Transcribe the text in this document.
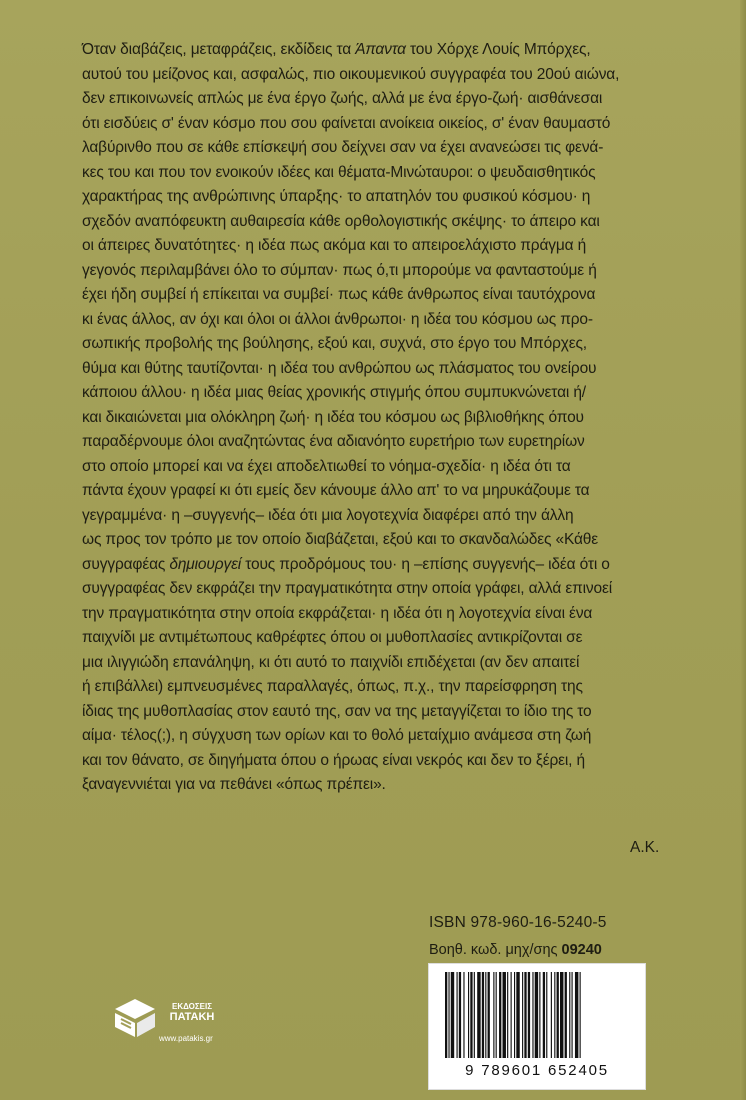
Όταν διαβάζεις, μεταφράζεις, εκδίδεις τα Άπαντα του Χόρχε Λουίς Μπόρχες,
αυτού του μείζονος και, ασφαλώς, πιο οικουμενικού συγγραφέα του 20ού αιώνα,
δεν επικοινωνείς απλώς με ένα έργο ζωής, αλλά με ένα έργο-ζωή· αισθάνεσαι
ότι εισδύεις σ' έναν κόσμο που σου φαίνεται ανοίκεια οικείος, σ' έναν θαυμαστό
λαβύρινθο που σε κάθε επίσκεψή σου δείχνει σαν να έχει ανανεώσει τις φενά-
κες του και που τον ενοικούν ιδέες και θέματα-Μινώταυροι: ο ψευδαισθητικός
χαρακτήρας της ανθρώπινης ύπαρξης· το απατηλόν του φυσικού κόσμου· η
σχεδόν αναπόφευκτη αυθαιρεσία κάθε ορθολογιστικής σκέψης· το άπειρο και
οι άπειρες δυνατότητες· η ιδέα πως ακόμα και το απειροελάχιστο πράγμα ή
γεγονός περιλαμβάνει όλο το σύμπαν· πως ό,τι μπορούμε να φανταστούμε ή
έχει ήδη συμβεί ή επίκειται να συμβεί· πως κάθε άνθρωπος είναι ταυτόχρονα
κι ένας άλλος, αν όχι και όλοι οι άλλοι άνθρωποι· η ιδέα του κόσμου ως προ-
σωπικής προβολής της βούλησης, εξού και, συχνά, στο έργο του Μπόρχες,
θύμα και θύτης ταυτίζονται· η ιδέα του ανθρώπου ως πλάσματος του ονείρου
κάποιου άλλου· η ιδέα μιας θείας χρονικής στιγμής όπου συμπυκνώνεται ή/
και δικαιώνεται μια ολόκληρη ζωή· η ιδέα του κόσμου ως βιβλιοθήκης όπου
παραδέρνουμε όλοι αναζητώντας ένα αδιανόητο ευρετήριο των ευρετηρίων
στο οποίο μπορεί και να έχει αποδελτιωθεί το νόημα-σχεδία· η ιδέα ότι τα
πάντα έχουν γραφεί κι ότι εμείς δεν κάνουμε άλλο απ' το να μηρυκάζουμε τα
γεγραμμένα· η –συγγενής– ιδέα ότι μια λογοτεχνία διαφέρει από την άλλη
ως προς τον τρόπο με τον οποίο διαβάζεται, εξού και το σκανδαλώδες «Κάθε
συγγραφέας δημιουργεί τους προδρόμους του· η –επίσης συγγενής– ιδέα ότι ο
συγγραφέας δεν εκφράζει την πραγματικότητα στην οποία γράφει, αλλά επινοεί
την πραγματικότητα στην οποία εκφράζεται· η ιδέα ότι η λογοτεχνία είναι ένα
παιχνίδι με αντιμέτωπους καθρέφτες όπου οι μυθοπλασίες αντικρίζονται σε
μια ιλιγγιώδη επανάληψη, κι ότι αυτό το παιχνίδι επιδέχεται (αν δεν απαιτεί
ή επιβάλλει) εμπνευσμένες παραλλαγές, όπως, π.χ., την παρείσφρηση της
ίδιας της μυθοπλασίας στον εαυτό της, σαν να της μεταγγίζεται το ίδιο της το
αίμα· τέλος(;), η σύγχυση των ορίων και το θολό μεταίχμιο ανάμεσα στη ζωή
και τον θάνατο, σε διηγήματα όπου ο ήρωας είναι νεκρός και δεν το ξέρει, ή
ξαναγεννιέται για να πεθάνει «όπως πρέπει».
Α.Κ.
ISBN 978-960-16-5240-5
Βοηθ. κωδ. μηχ/σης 09240
9 789601 652405
ΕΚΔΟΣΕΙΣ
ΠΑΤΑΚΗ
www.patakis.gr
